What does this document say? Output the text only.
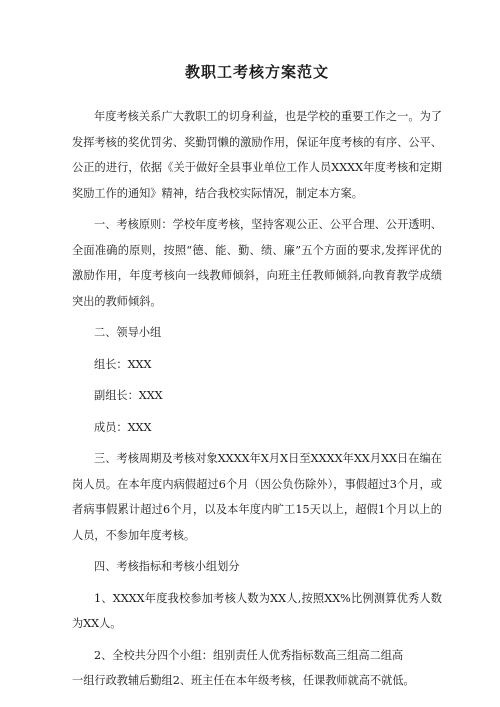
教职工考核方案范文

年度考核关系广大教职工的切身利益，也是学校的重要工作之一。为了发挥考核的奖优罚劣、奖勤罚懒的激励作用，保证年度考核的有序、公平、公正的进行，依据《关于做好全县事业单位工作人员XXXX年度考核和定期奖励工作的通知》精神，结合我校实际情况，制定本方案。

一、考核原则：学校年度考核，坚持客观公正、公平合理、公开透明、全面准确的原则，按照“德、能、勤、绩、廉”五个方面的要求,发挥评优的激励作用，年度考核向一线教师倾斜，向班主任教师倾斜,向教育教学成绩突出的教师倾斜。

二、领导小组

组长：XXX

副组长：XXX

成员：XXX

三、考核周期及考核对象XXXX年X月X日至XXXX年XX月XX日在编在岗人员。在本年度内病假超过6个月（因公负伤除外），事假超过3个月，或者病事假累计超过6个月，以及本年度内旷工15天以上，超假1个月以上的人员，不参加年度考核。

四、考核指标和考核小组划分

1、XXXX年度我校参加考核人数为XX人,按照XX%比例测算优秀人数为XX人。

2、全校共分四个小组：组别责任人优秀指标数高三组高二组高

一组行政教辅后勤组2、班主任在本年级考核，任课教师就高不就低。
